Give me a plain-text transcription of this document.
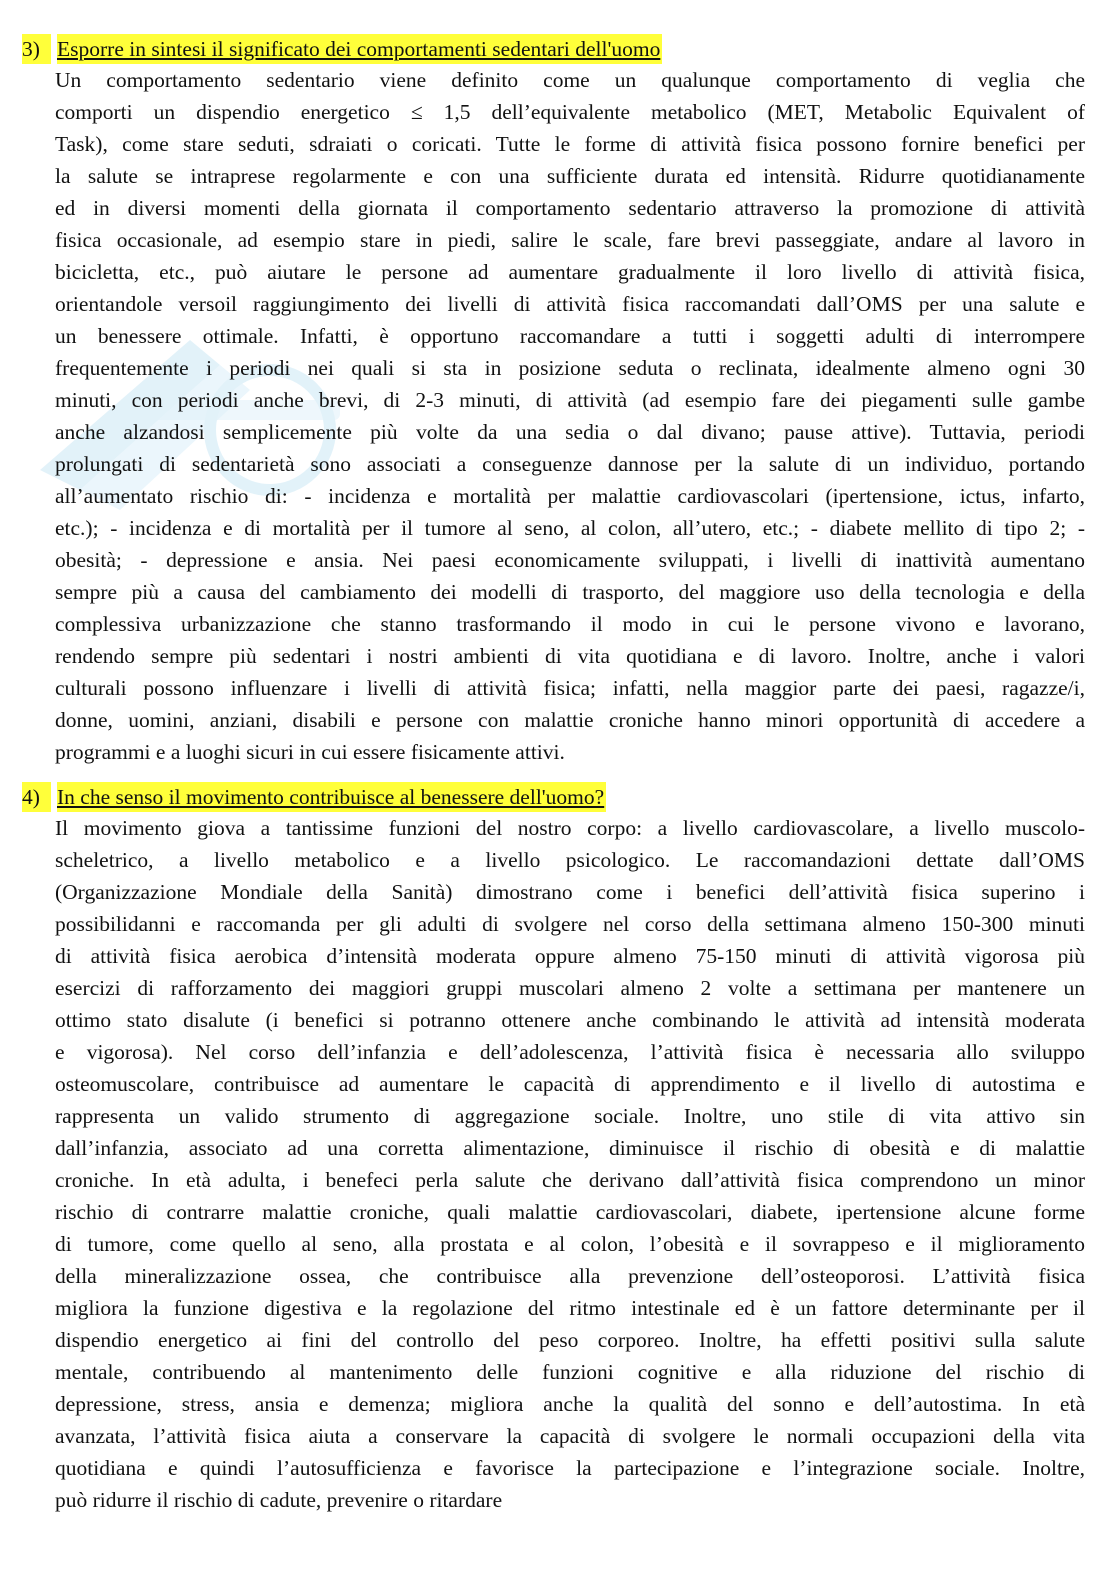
3) Esporre in sintesi il significato dei comportamenti sedentari dell'uomo
Un comportamento sedentario viene definito come un qualunque comportamento di veglia che
comporti un dispendio energetico ≤ 1,5 dell’equivalente metabolico (MET, Metabolic Equivalent of
Task), come stare seduti, sdraiati o coricati. Tutte le forme di attività fisica possono fornire benefici per
la salute se intraprese regolarmente e con una sufficiente durata ed intensità. Ridurre quotidianamente
ed in diversi momenti della giornata il comportamento sedentario attraverso la promozione di attività
fisica occasionale, ad esempio stare in piedi, salire le scale, fare brevi passeggiate, andare al lavoro in
bicicletta, etc., può aiutare le persone ad aumentare gradualmente il loro livello di attività fisica,
orientandole versoil raggiungimento dei livelli di attività fisica raccomandati dall’OMS per una salute e
un benessere ottimale. Infatti, è opportuno raccomandare a tutti i soggetti adulti di interrompere
frequentemente i periodi nei quali si sta in posizione seduta o reclinata, idealmente almeno ogni 30
minuti, con periodi anche brevi, di 2-3 minuti, di attività (ad esempio fare dei piegamenti sulle gambe
anche alzandosi semplicemente più volte da una sedia o dal divano; pause attive). Tuttavia, periodi
prolungati di sedentarietà sono associati a conseguenze dannose per la salute di un individuo, portando
all’aumentato rischio di: - incidenza e mortalità per malattie cardiovascolari (ipertensione, ictus, infarto,
etc.); - incidenza e di mortalità per il tumore al seno, al colon, all’utero, etc.; - diabete mellito di tipo 2; -
obesità; - depressione e ansia. Nei paesi economicamente sviluppati, i livelli di inattività aumentano
sempre più a causa del cambiamento dei modelli di trasporto, del maggiore uso della tecnologia e della
complessiva urbanizzazione che stanno trasformando il modo in cui le persone vivono e lavorano,
rendendo sempre più sedentari i nostri ambienti di vita quotidiana e di lavoro. Inoltre, anche i valori
culturali possono influenzare i livelli di attività fisica; infatti, nella maggior parte dei paesi, ragazze/i,
donne, uomini, anziani, disabili e persone con malattie croniche hanno minori opportunità di accedere a
programmi e a luoghi sicuri in cui essere fisicamente attivi.
4) In che senso il movimento contribuisce al benessere dell'uomo?
Il movimento giova a tantissime funzioni del nostro corpo: a livello cardiovascolare, a livello muscolo-
scheletrico, a livello metabolico e a livello psicologico. Le raccomandazioni dettate dall’OMS
(Organizzazione Mondiale della Sanità) dimostrano come i benefici dell’attività fisica superino i
possibilidanni e raccomanda per gli adulti di svolgere nel corso della settimana almeno 150-300 minuti
di attività fisica aerobica d’intensità moderata oppure almeno 75-150 minuti di attività vigorosa più
esercizi di rafforzamento dei maggiori gruppi muscolari almeno 2 volte a settimana per mantenere un
ottimo stato disalute (i benefici si potranno ottenere anche combinando le attività ad intensità moderata
e vigorosa). Nel corso dell’infanzia e dell’adolescenza, l’attività fisica è necessaria allo sviluppo
osteomuscolare, contribuisce ad aumentare le capacità di apprendimento e il livello di autostima e
rappresenta un valido strumento di aggregazione sociale. Inoltre, uno stile di vita attivo sin
dall’infanzia, associato ad una corretta alimentazione, diminuisce il rischio di obesità e di malattie
croniche. In età adulta, i benefeci perla salute che derivano dall’attività fisica comprendono un minor
rischio di contrarre malattie croniche, quali malattie cardiovascolari, diabete, ipertensione alcune forme
di tumore, come quello al seno, alla prostata e al colon, l’obesità e il sovrappeso e il miglioramento
della mineralizzazione ossea, che contribuisce alla prevenzione dell’osteoporosi. L’attività fisica
migliora la funzione digestiva e la regolazione del ritmo intestinale ed è un fattore determinante per il
dispendio energetico ai fini del controllo del peso corporeo. Inoltre, ha effetti positivi sulla salute
mentale, contribuendo al mantenimento delle funzioni cognitive e alla riduzione del rischio di
depressione, stress, ansia e demenza; migliora anche la qualità del sonno e dell’autostima. In età
avanzata, l’attività fisica aiuta a conservare la capacità di svolgere le normali occupazioni della vita
quotidiana e quindi l’autosufficienza e favorisce la partecipazione e l’integrazione sociale. Inoltre,
può ridurre il rischio di cadute, prevenire o ritardare
